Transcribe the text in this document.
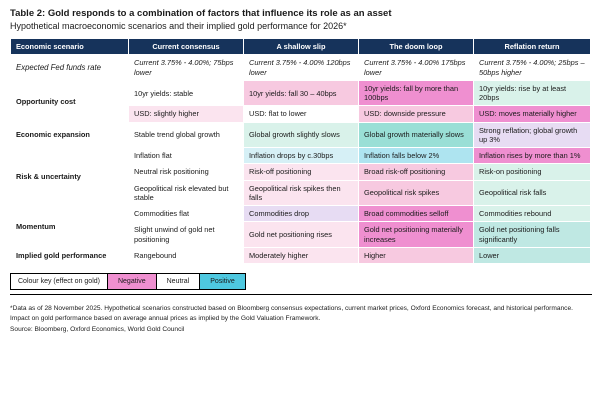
Table 2: Gold responds to a combination of factors that influence its role as an asset
Hypothetical macroeconomic scenarios and their implied gold performance for 2026*
Economic scenario	Current consensus	A shallow slip	The doom loop	Reflation return
Expected Fed funds rate	Current 3.75% - 4.00%; 75bps lower	Current 3.75% - 4.00% 120bps lower	Current 3.75% - 4.00% 175bps lower	Current 3.75% - 4.00%; 25bps – 50bps higher
Opportunity cost	10yr yields: stable	10yr yields: fall 30 – 40bps	10yr yields: fall by more than 100bps	10yr yields: rise by at least 20bps
	USD: slightly higher	USD: flat to lower	USD: downside pressure	USD: moves materially higher
Economic expansion	Stable trend global growth	Global growth slightly slows	Global growth materially slows	Strong reflation; global growth up 3%
Risk & uncertainty	Inflation flat	Inflation drops by c.30bps	Inflation falls below 2%	Inflation rises by more than 1%
	Neutral risk positioning	Risk-off positioning	Broad risk-off positioning	Risk-on positioning
	Geopolitical risk elevated but stable	Geopolitical risk spikes then falls	Geopolitical risk spikes	Geopolitical risk falls
Momentum	Commodities flat	Commodities drop	Broad commodities selloff	Commodities rebound
	Slight unwind of gold net positioning	Gold net positioning rises	Gold net positioning materially increases	Gold net positioning falls significantly
Implied gold performance	Rangebound	Moderately higher	Higher	Lower
Colour key (effect on gold)	Negative	Neutral	Positive

*Data as of 28 November 2025. Hypothetical scenarios constructed based on Bloomberg consensus expectations, current market prices, Oxford Economics forecast, and historical performance. Impact on gold performance based on average annual prices as implied by the Gold Valuation Framework.

Source: Bloomberg, Oxford Economics, World Gold Council
